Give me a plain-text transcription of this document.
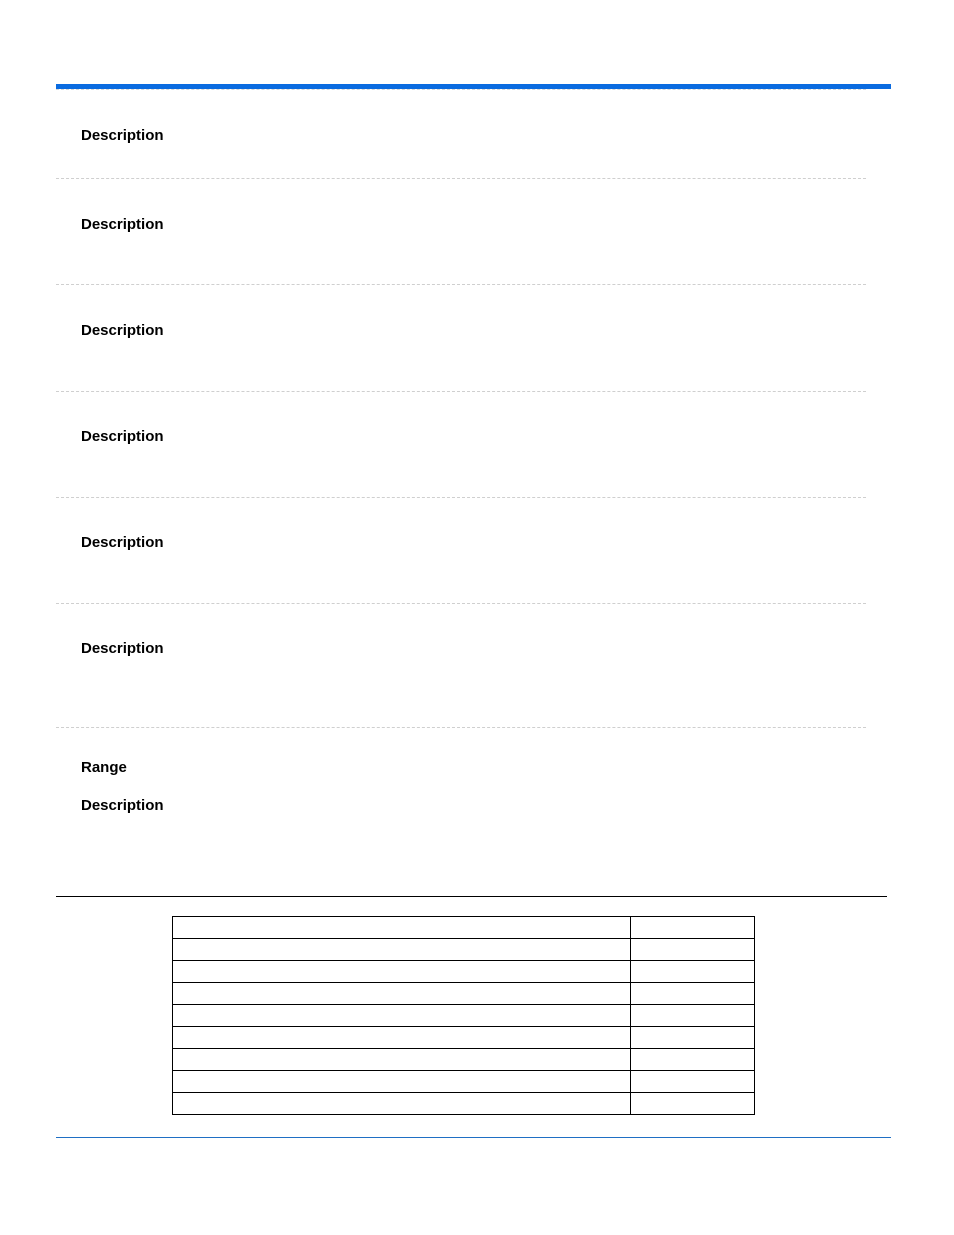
Description
Description
Description
Description
Description
Description
Range
Description
